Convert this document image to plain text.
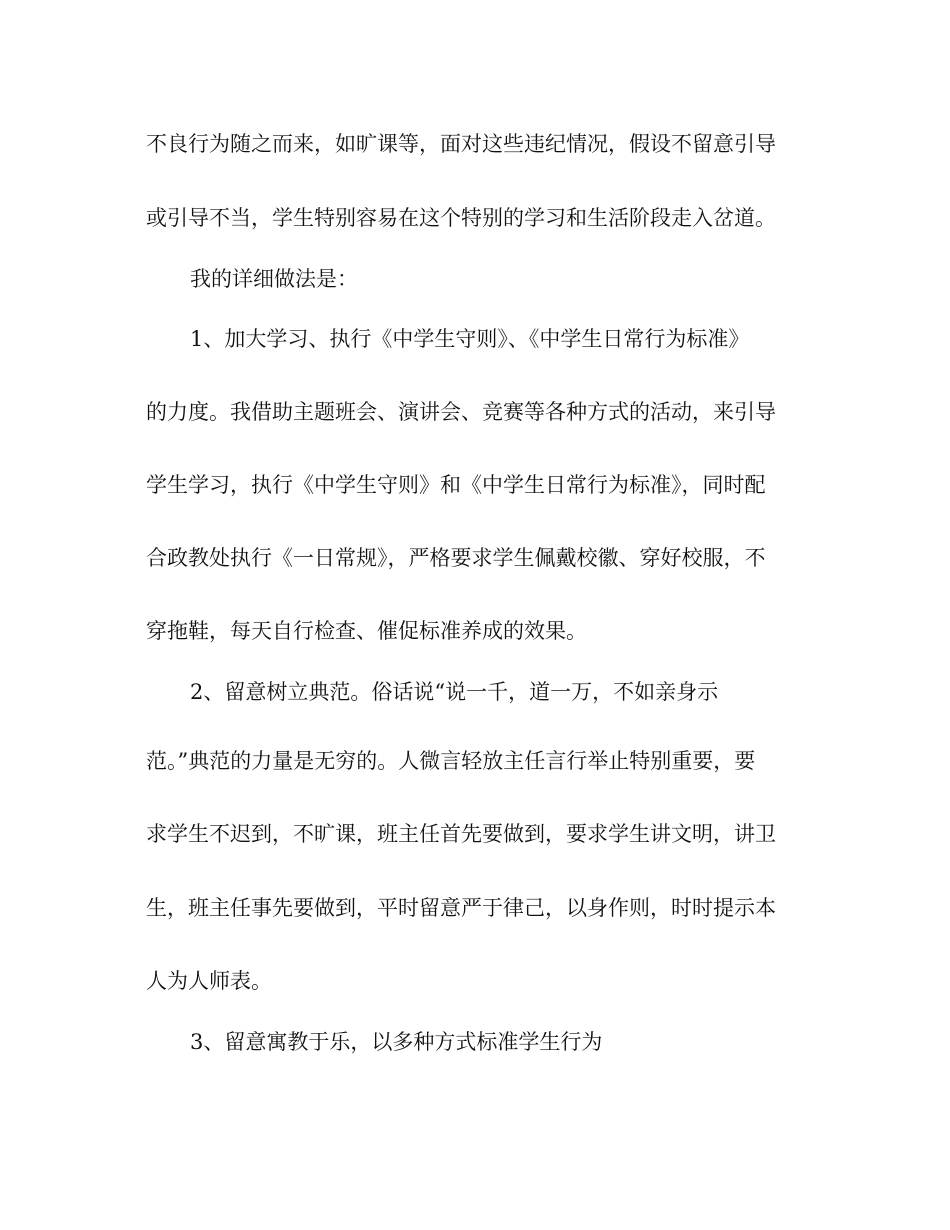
不良行为随之而来，如旷课等，面对这些违纪情况，假设不留意引导
或引导不当，学生特别容易在这个特别的学习和生活阶段走入岔道。
我的详细做法是：
1、加大学习、执行《中学生守则》、《中学生日常行为标准》
的力度。我借助主题班会、演讲会、竞赛等各种方式的活动，来引导
学生学习，执行《中学生守则》和《中学生日常行为标准》，同时配
合政教处执行《一日常规》，严格要求学生佩戴校徽、穿好校服，不
穿拖鞋，每天自行检查、催促标准养成的效果。
2、留意树立典范。俗话说“说一千，道一万，不如亲身示
范。”典范的力量是无穷的。人微言轻放主任言行举止特别重要，要
求学生不迟到，不旷课，班主任首先要做到，要求学生讲文明，讲卫
生，班主任事先要做到，平时留意严于律己，以身作则，时时提示本
人为人师表。
3、留意寓教于乐，以多种方式标准学生行为
